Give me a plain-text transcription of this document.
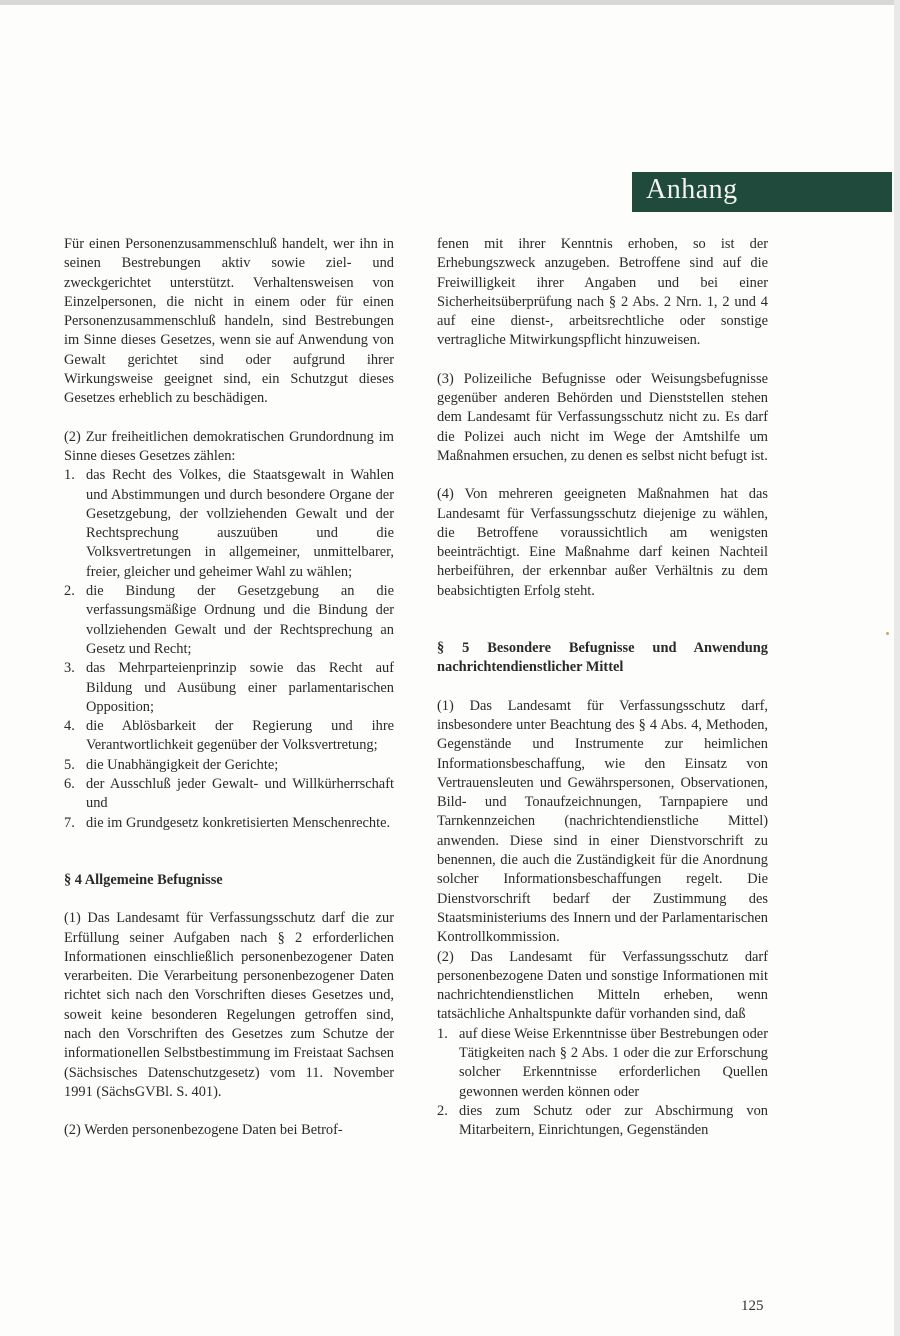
Anhang

Für einen Personenzusammenschluß handelt, wer ihn in seinen Bestrebungen aktiv sowie ziel- und zweckgerichtet unterstützt. Verhaltensweisen von Einzelpersonen, die nicht in einem oder für einen Personenzusammenschluß handeln, sind Bestrebungen im Sinne dieses Gesetzes, wenn sie auf Anwendung von Gewalt gerichtet sind oder aufgrund ihrer Wirkungsweise geeignet sind, ein Schutzgut dieses Gesetzes erheblich zu beschädigen.

(2) Zur freiheitlichen demokratischen Grundordnung im Sinne dieses Gesetzes zählen:

1. das Recht des Volkes, die Staatsgewalt in Wahlen und Abstimmungen und durch besondere Organe der Gesetzgebung, der vollziehenden Gewalt und der Rechtsprechung auszuüben und die Volksvertretungen in allgemeiner, unmittelbarer, freier, gleicher und geheimer Wahl zu wählen;
2. die Bindung der Gesetzgebung an die verfassungsmäßige Ordnung und die Bindung der vollziehenden Gewalt und der Rechtsprechung an Gesetz und Recht;
3. das Mehrparteienprinzip sowie das Recht auf Bildung und Ausübung einer parlamentarischen Opposition;
4. die Ablösbarkeit der Regierung und ihre Verantwortlichkeit gegenüber der Volksvertretung;
5. die Unabhängigkeit der Gerichte;
6. der Ausschluß jeder Gewalt- und Willkürherrschaft und
7. die im Grundgesetz konkretisierten Menschenrechte.

§ 4 Allgemeine Befugnisse

(1) Das Landesamt für Verfassungsschutz darf die zur Erfüllung seiner Aufgaben nach § 2 erforderlichen Informationen einschließlich personenbezogener Daten verarbeiten. Die Verarbeitung personenbezogener Daten richtet sich nach den Vorschriften dieses Gesetzes und, soweit keine besonderen Regelungen getroffen sind, nach den Vorschriften des Gesetzes zum Schutze der informationellen Selbstbestimmung im Freistaat Sachsen (Sächsisches Datenschutzgesetz) vom 11. November 1991 (SächsGVBl. S. 401).

(2) Werden personenbezogene Daten bei Betrof-

fenen mit ihrer Kenntnis erhoben, so ist der Erhebungszweck anzugeben. Betroffene sind auf die Freiwilligkeit ihrer Angaben und bei einer Sicherheitsüberprüfung nach § 2 Abs. 2 Nrn. 1, 2 und 4 auf eine dienst-, arbeitsrechtliche oder sonstige vertragliche Mitwirkungspflicht hinzuweisen.

(3) Polizeiliche Befugnisse oder Weisungsbefugnisse gegenüber anderen Behörden und Dienststellen stehen dem Landesamt für Verfassungsschutz nicht zu. Es darf die Polizei auch nicht im Wege der Amtshilfe um Maßnahmen ersuchen, zu denen es selbst nicht befugt ist.

(4) Von mehreren geeigneten Maßnahmen hat das Landesamt für Verfassungsschutz diejenige zu wählen, die Betroffene voraussichtlich am wenigsten beeinträchtigt. Eine Maßnahme darf keinen Nachteil herbeiführen, der erkennbar außer Verhältnis zu dem beabsichtigten Erfolg steht.

§ 5 Besondere Befugnisse und Anwendung nachrichtendienstlicher Mittel

(1) Das Landesamt für Verfassungsschutz darf, insbesondere unter Beachtung des § 4 Abs. 4, Methoden, Gegenstände und Instrumente zur heimlichen Informationsbeschaffung, wie den Einsatz von Vertrauensleuten und Gewährspersonen, Observationen, Bild- und Tonaufzeichnungen, Tarnpapiere und Tarnkennzeichen (nachrichtendienstliche Mittel) anwenden. Diese sind in einer Dienstvorschrift zu benennen, die auch die Zuständigkeit für die Anordnung solcher Informationsbeschaffungen regelt. Die Dienstvorschrift bedarf der Zustimmung des Staatsministeriums des Innern und der Parlamentarischen Kontrollkommission.

(2) Das Landesamt für Verfassungsschutz darf personenbezogene Daten und sonstige Informationen mit nachrichtendienstlichen Mitteln erheben, wenn tatsächliche Anhaltspunkte dafür vorhanden sind, daß

1. auf diese Weise Erkenntnisse über Bestrebungen oder Tätigkeiten nach § 2 Abs. 1 oder die zur Erforschung solcher Erkenntnisse erforderlichen Quellen gewonnen werden können oder
2. dies zum Schutz oder zur Abschirmung von Mitarbeitern, Einrichtungen, Gegenständen
125
